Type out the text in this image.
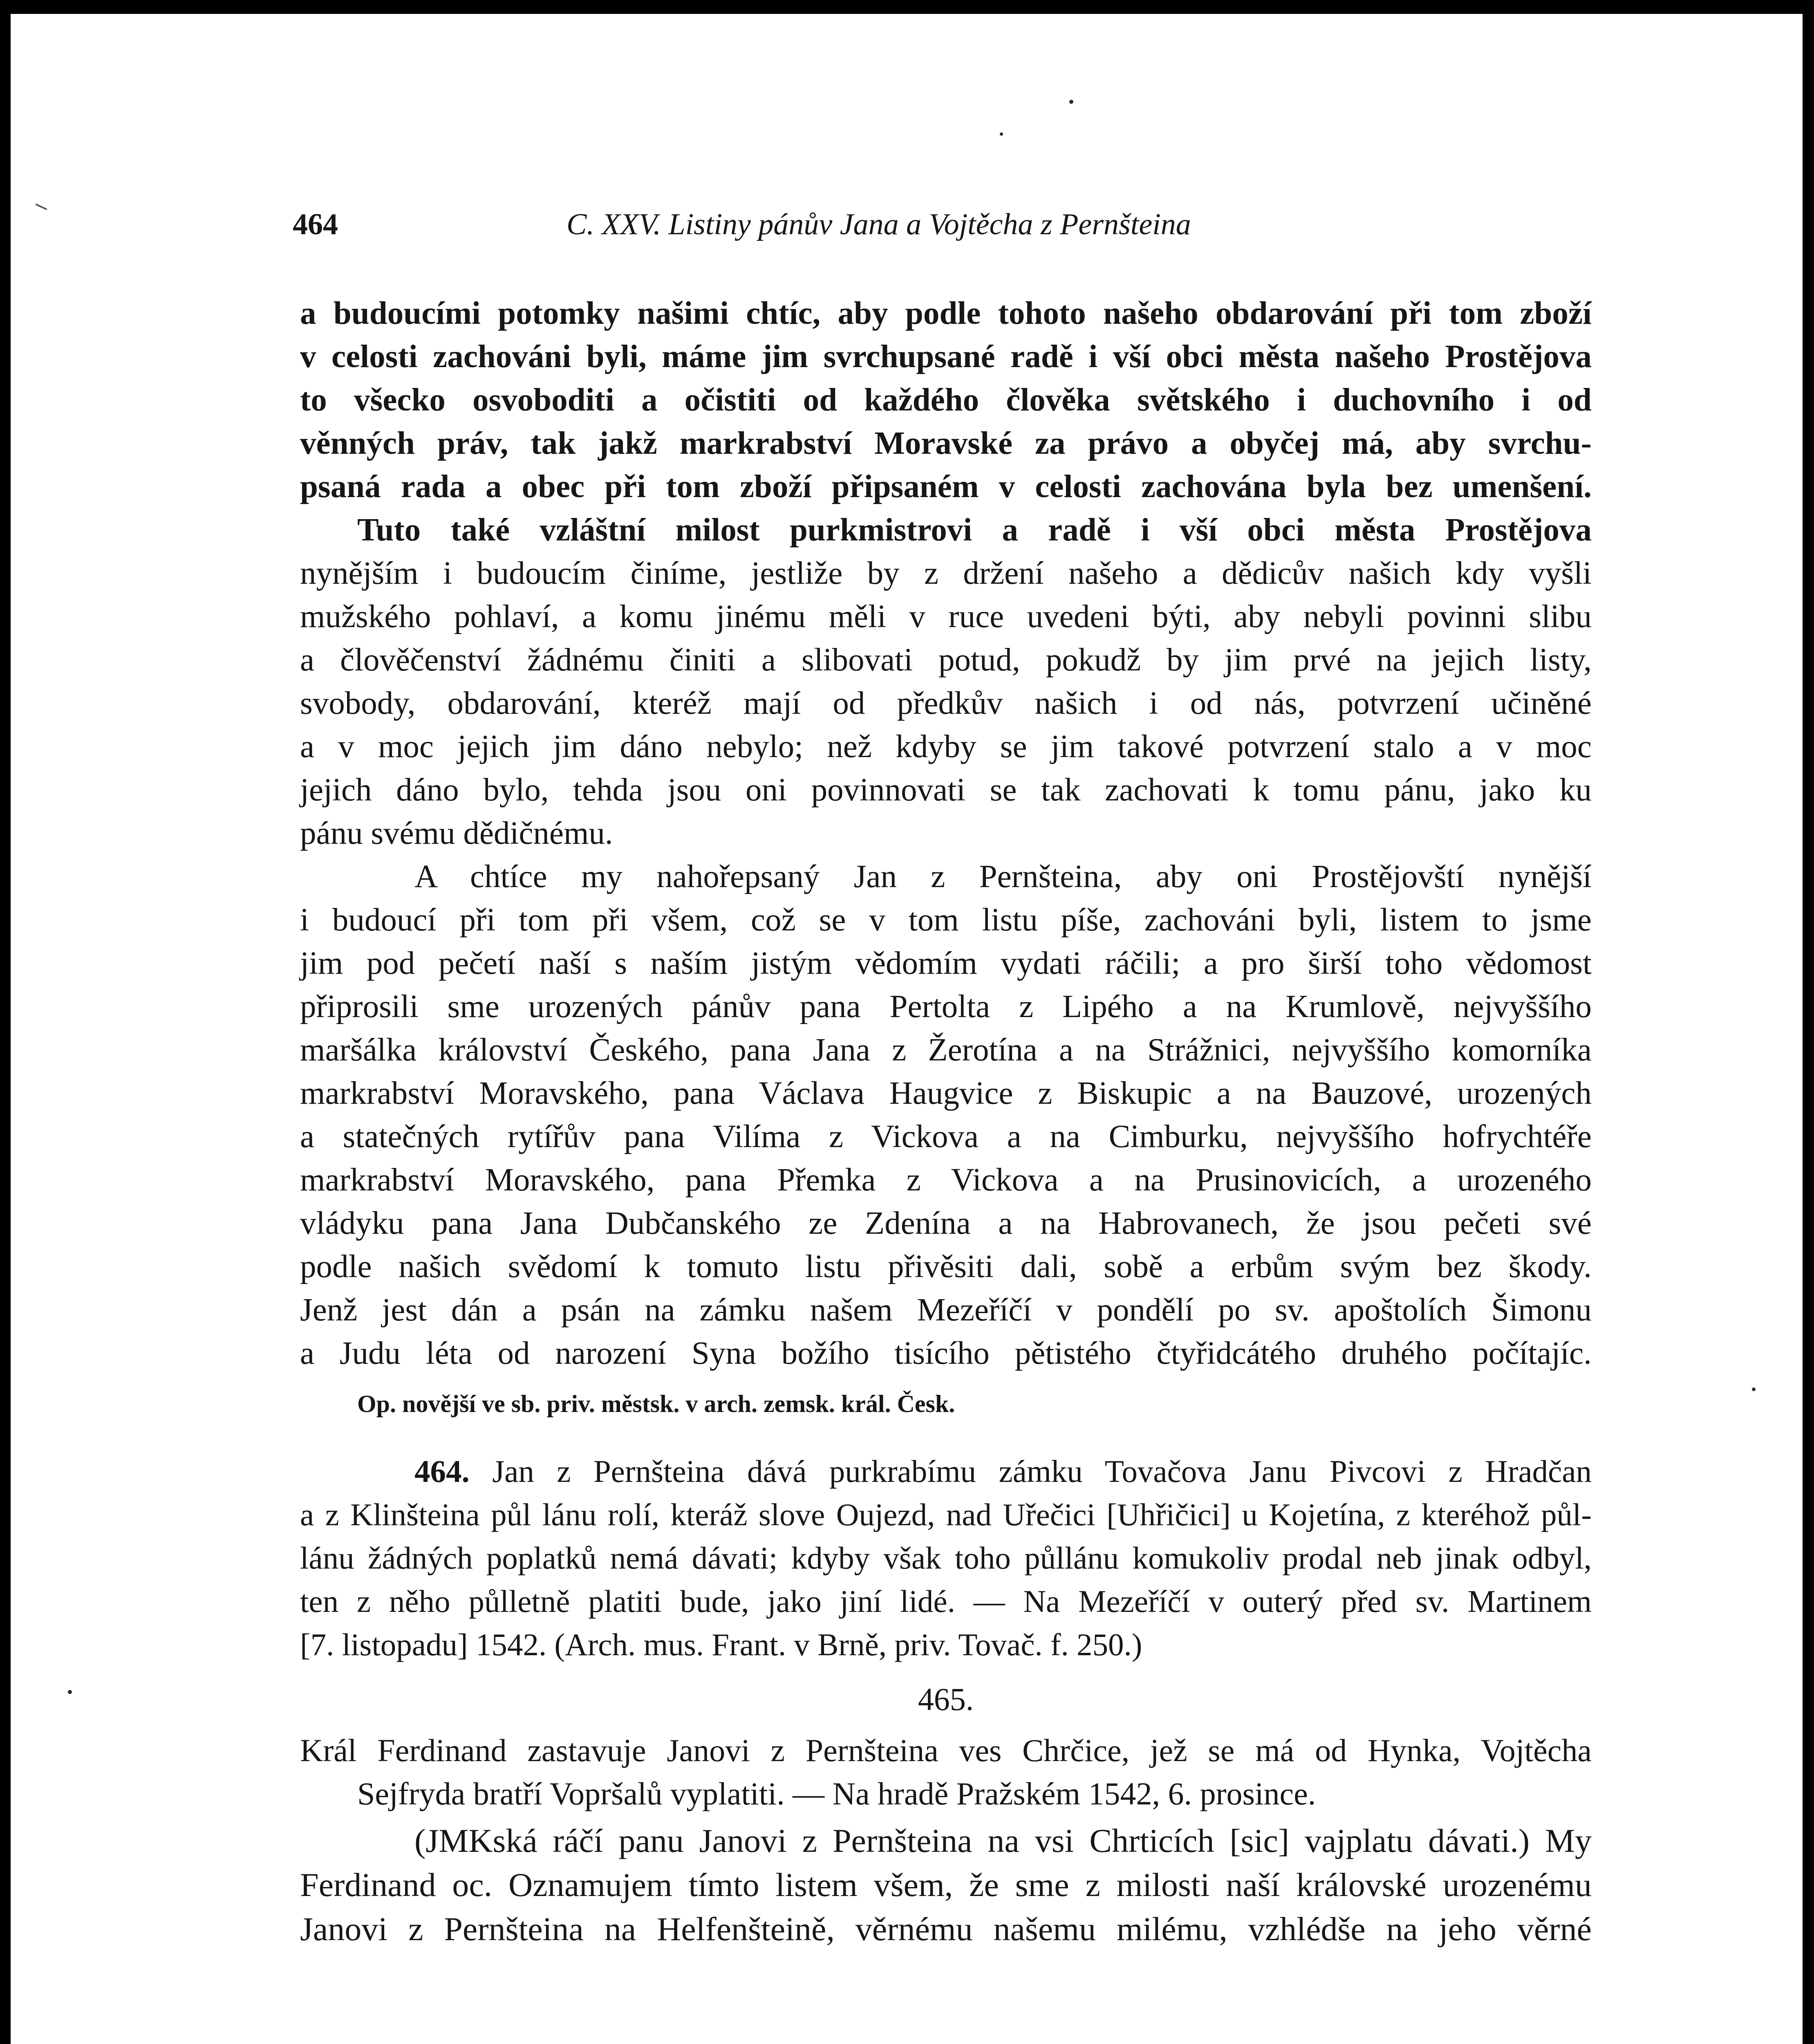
464	C. XXV. Listiny pánův Jana a Vojtěcha z Pernšteina
a budoucími potomky našimi chtíc, aby podle tohoto našeho obdarování při tom zboží
v celosti zachováni byli, máme jim svrchupsané radě i vší obci města našeho Prostějova
to všecko osvoboditi a očistiti od každého člověka světského i duchovního i od
věnných práv, tak jakž markrabství Moravské za právo a obyčej má, aby svrchu-
psaná rada a obec při tom zboží připsaném v celosti zachována byla bez umenšení.
Tuto také vzláštní milost purkmistrovi a radě i vší obci města Prostějova
nynějším i budoucím činíme, jestliže by z držení našeho a dědicův našich kdy vyšli
mužského pohlaví, a komu jinému měli v ruce uvedeni býti, aby nebyli povinni slibu
a člověčenství žádnému činiti a slibovati potud, pokudž by jim prvé na jejich listy,
svobody, obdarování, kteréž mají od předkův našich i od nás, potvrzení učiněné
a v moc jejich jim dáno nebylo; než kdyby se jim takové potvrzení stalo a v moc
jejich dáno bylo, tehda jsou oni povinnovati se tak zachovati k tomu pánu, jako ku
pánu svému dědičnému.
A chtíce my nahořepsaný Jan z Pernšteina, aby oni Prostějovští nynější
i budoucí při tom při všem, což se v tom listu píše, zachováni byli, listem to jsme
jim pod pečetí naší s naším jistým vědomím vydati ráčili; a pro širší toho vědomost
připrosili sme urozených pánův pana Pertolta z Lipého a na Krumlově, nejvyššího
maršálka království Českého, pana Jana z Žerotína a na Strážnici, nejvyššího komorníka
markrabství Moravského, pana Václava Haugvice z Biskupic a na Bauzové, urozených
a statečných rytířův pana Vilíma z Vickova a na Cimburku, nejvyššího hofrychtéře
markrabství Moravského, pana Přemka z Vickova a na Prusinovicích, a urozeného
vládyku pana Jana Dubčanského ze Zdenína a na Habrovanech, že jsou pečeti své
podle našich svědomí k tomuto listu přivěsiti dali, sobě a erbům svým bez škody.
Jenž jest dán a psán na zámku našem Mezeříčí v pondělí po sv. apoštolích Šimonu
a Judu léta od narození Syna božího tisícího pětistého čtyřidcátého druhého počítajíc.
Op. novější ve sb. priv. městsk. v arch. zemsk. král. Česk.
464. Jan z Pernšteina dává purkrabímu zámku Tovačova Janu Pivcovi z Hradčan
a z Klinšteina půl lánu rolí, kteráž slove Oujezd, nad Uřečici [Uhřičici] u Kojetína, z kteréhož půl-
lánu žádných poplatků nemá dávati; kdyby však toho půllánu komukoliv prodal neb jinak odbyl,
ten z něho půlletně platiti bude, jako jiní lidé. — Na Mezeříčí v outerý před sv. Martinem
[7. listopadu] 1542. (Arch. mus. Frant. v Brně, priv. Tovač. f. 250.)
465.
Král Ferdinand zastavuje Janovi z Pernšteina ves Chrčice, jež se má od Hynka, Vojtěcha
Sejfryda bratří Vopršalů vyplatiti. — Na hradě Pražském 1542, 6. prosince.
(JMKská ráčí panu Janovi z Pernšteina na vsi Chrticích [sic] vajplatu dávati.) My
Ferdinand oc. Oznamujem tímto listem všem, že sme z milosti naší královské urozenému
Janovi z Pernšteina na Helfenšteině, věrnému našemu milému, vzhlédše na jeho věrné
